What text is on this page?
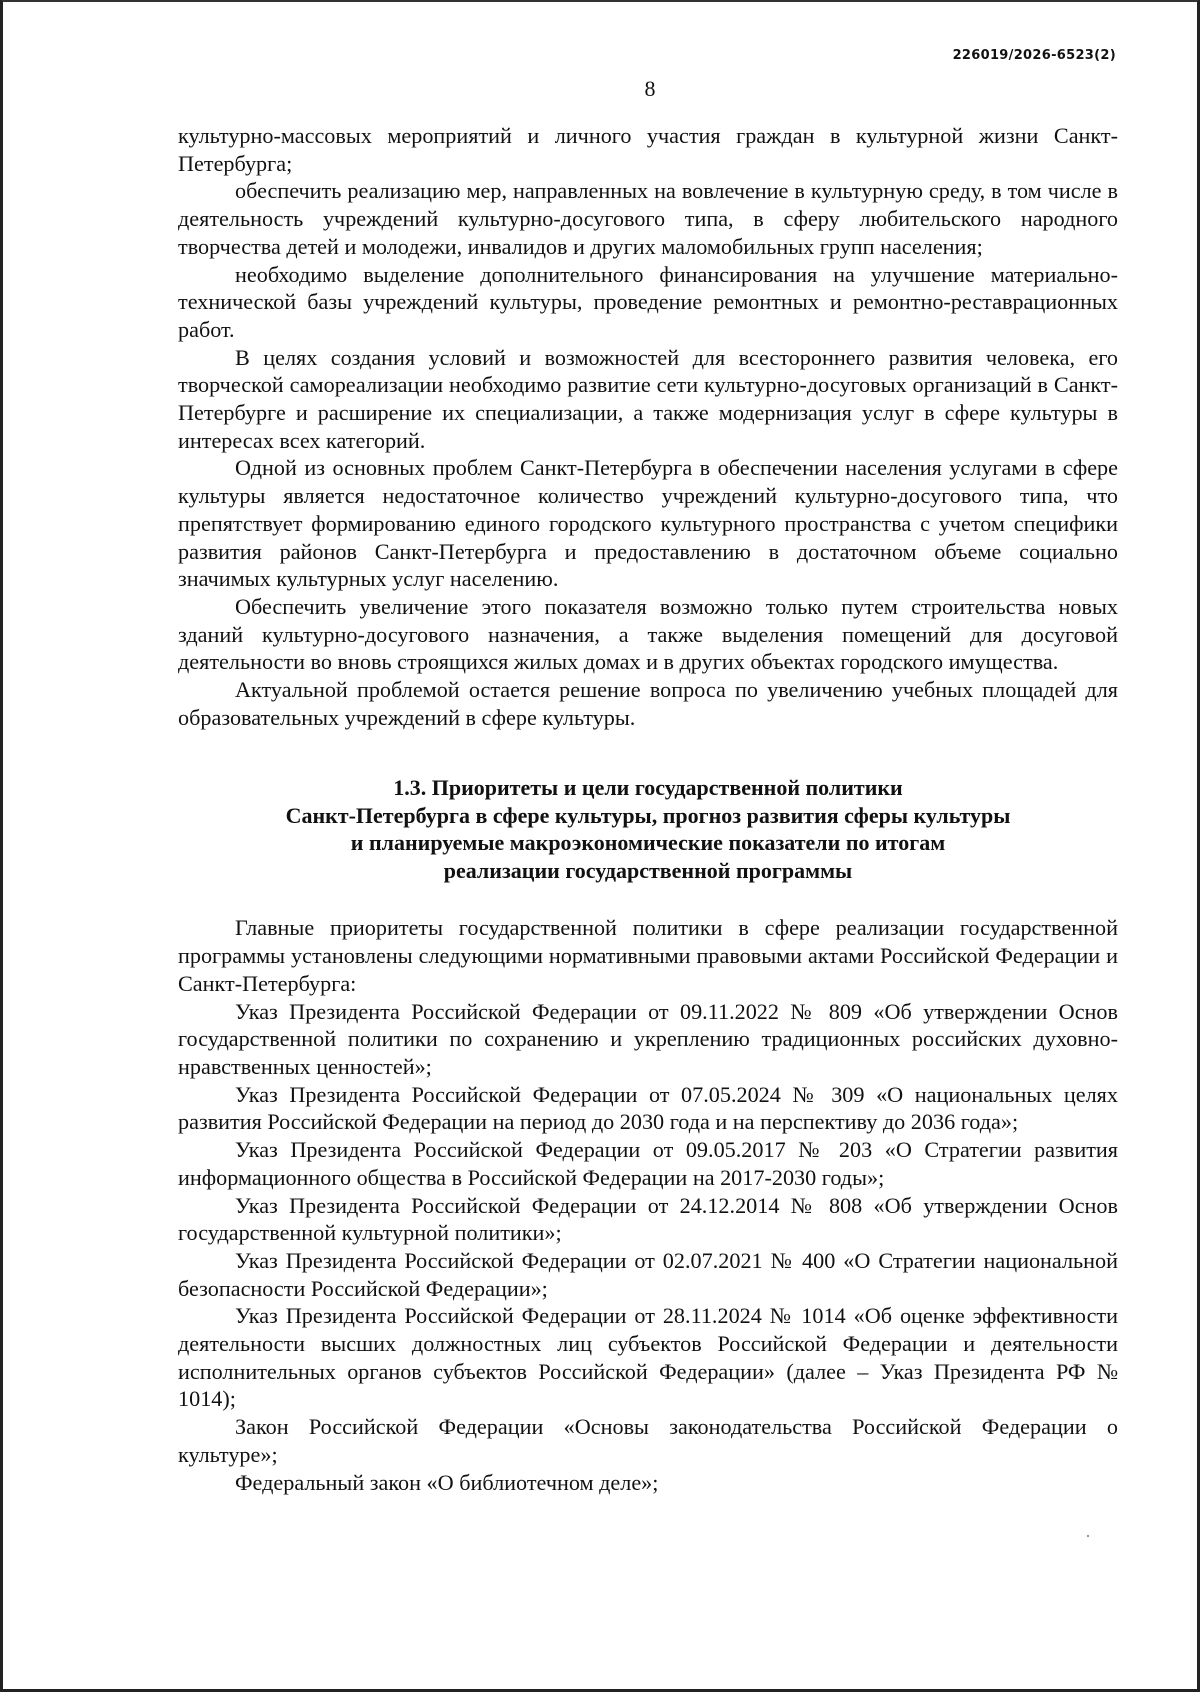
226019/2026-6523(2)
8

культурно-массовых мероприятий и личного участия граждан в культурной жизни Санкт-Петербурга;

обеспечить реализацию мер, направленных на вовлечение в культурную среду, в том числе в деятельность учреждений культурно-досугового типа, в сферу любительского народного творчества детей и молодежи, инвалидов и других маломобильных групп населения;

необходимо выделение дополнительного финансирования на улучшение материально-технической базы учреждений культуры, проведение ремонтных и ремонтно-реставрационных работ.

В целях создания условий и возможностей для всестороннего развития человека, его творческой самореализации необходимо развитие сети культурно-досуговых организаций в Санкт-Петербурге и расширение их специализации, а также модернизация услуг в сфере культуры в интересах всех категорий.

Одной из основных проблем Санкт-Петербурга в обеспечении населения услугами в сфере культуры является недостаточное количество учреждений культурно-досугового типа, что препятствует формированию единого городского культурного пространства с учетом специфики развития районов Санкт-Петербурга и предоставлению в достаточном объеме социально значимых культурных услуг населению.

Обеспечить увеличение этого показателя возможно только путем строительства новых зданий культурно-досугового назначения, а также выделения помещений для досуговой деятельности во вновь строящихся жилых домах и в других объектах городского имущества.

Актуальной проблемой остается решение вопроса по увеличению учебных площадей для образовательных учреждений в сфере культуры.

1.3. Приоритеты и цели государственной политики
Санкт-Петербурга в сфере культуры, прогноз развития сферы культуры
и планируемые макроэкономические показатели по итогам
реализации государственной программы

Главные приоритеты государственной политики в сфере реализации государственной программы установлены следующими нормативными правовыми актами Российской Федерации и Санкт-Петербурга:

Указ Президента Российской Федерации от 09.11.2022 № 809 «Об утверждении Основ государственной политики по сохранению и укреплению традиционных российских духовно-нравственных ценностей»;

Указ Президента Российской Федерации от 07.05.2024 № 309 «О национальных целях развития Российской Федерации на период до 2030 года и на перспективу до 2036 года»;

Указ Президента Российской Федерации от 09.05.2017 № 203 «О Стратегии развития информационного общества в Российской Федерации на 2017-2030 годы»;

Указ Президента Российской Федерации от 24.12.2014 № 808 «Об утверждении Основ государственной культурной политики»;

Указ Президента Российской Федерации от 02.07.2021 № 400 «О Стратегии национальной безопасности Российской Федерации»;

Указ Президента Российской Федерации от 28.11.2024 № 1014 «Об оценке эффективности деятельности высших должностных лиц субъектов Российской Федерации и деятельности исполнительных органов субъектов Российской Федерации» (далее – Указ Президента РФ № 1014);

Закон Российской Федерации «Основы законодательства Российской Федерации о культуре»;

Федеральный закон «О библиотечном деле»;
